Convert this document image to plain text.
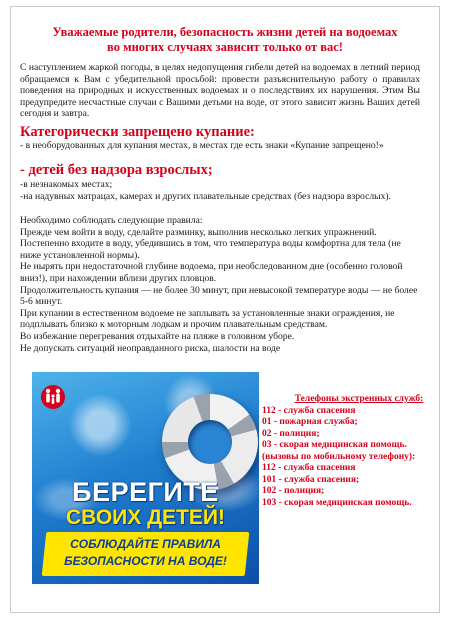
Уважаемые родители, безопасность жизни детей на водоемах
во многих случаях зависит только от вас!
С наступлением жаркой погоды, в целях недопущения гибели детей на водоемах в летний период обращаемся к Вам с убедительной просьбой: провести разъяснительную работу о правилах поведения на природных и искусственных водоемах и о последствиях их нарушения. Этим Вы предупредите несчастные случаи с Вашими детьми на воде, от этого зависит жизнь Ваших детей сегодня и завтра.
Категорически запрещено купание:
- в необорудованных для купания местах, в местах где есть знаки «Купание запрещено!»
- детей без надзора взрослых;

-в незнакомых местах;

-на надувных матрацах, камерах и других плавательные средствах (без надзора взрослых).

Необходимо соблюдать следующие правила:

Прежде чем войти в воду, сделайте разминку, выполнив несколько легких упражнений.

Постепенно входите в воду, убедившись в том, что температура воды комфортна для тела (не ниже установленной нормы).

Не нырять при недостаточной глубине водоема, при необследованном дне (особенно головой вниз!), при нахождении вблизи других пловцов.

Продолжительность купания — не более 30 минут, при невысокой температуре воды — не более 5-6 минут.

При купании в естественном водоеме не заплывать за установленные знаки ограждения, не подплывать близко к моторным лодкам и прочим плавательным средствам.

Во избежание перегревания отдыхайте на пляже в головном уборе.

Не допускать ситуаций неоправданного риска, шалости на воде

БЕРЕГИТЕ
СВОИХ ДЕТЕЙ!
СОБЛЮДАЙТЕ ПРАВИЛА
БЕЗОПАСНОСТИ НА ВОДЕ!
Телефоны экстренных служб:

112 - служба спасения

01 - пожарная служба;

02 - полиция;

03 - скорая медицинская помощь.

(вызовы по мобильному телефону):

112 - служба спасения

101 - служба спасения;

102 - полиция;

103 - скорая медицинская помощь.
